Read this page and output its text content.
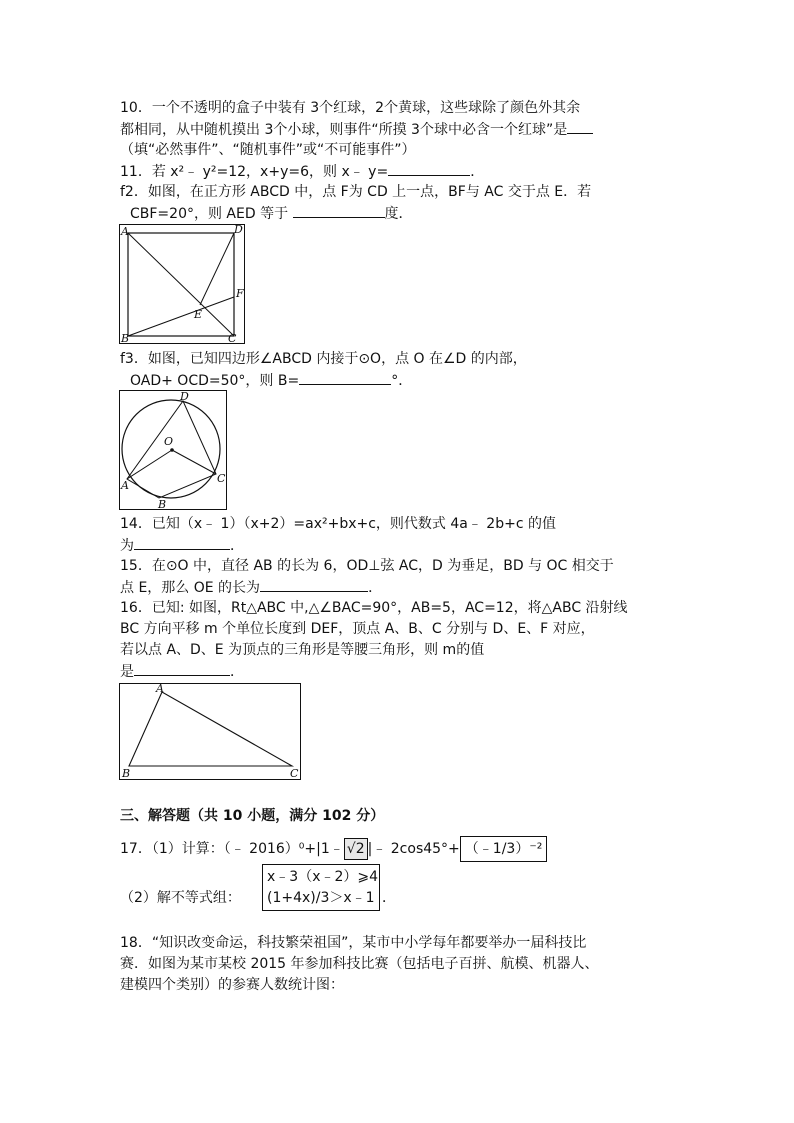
10．一个不透明的盒子中装有 3个红球，2个黄球，这些球除了颜色外其余
都相同，从中随机摸出 3个小球，则事件“所摸 3个球中必含一个红球”是
（填“必然事件”、“随机事件”或“不可能事件”）
11．若 x²﹣ y²=12，x+y=6，则 x﹣ y=	．
f2．如图，在正方形 ABCD 中，点 F为 CD 上一点，BF与 AC 交于点 E．若
CBF=20°，则 AED 等于	度．
A	D
F
E
B	C
f3．如图，已知四边形∠ABCD 内接于⊙O，点 O 在∠D 的内部，
OAD+ OCD=50°，则 B=	°．
D
O
A
B
C
14．已知（x﹣ 1）（x+2）=ax²+bx+c，则代数式 4a﹣ 2b+c 的值
为	．
15．在⊙O 中，直径 AB 的长为 6，OD⊥弦 AC，D 为垂足，BD 与 OC 相交于
点 E，那么 OE 的长为	．
16．已知: 如图，Rt△ABC 中,△∠BAC=90°，AB=5，AC=12，将△ABC 沿射线
BC 方向平移 m 个单位长度到 DEF，顶点 A、B、C 分别与 D、E、F 对应，
若以点 A、D、E 为顶点的三角形是等腰三角形，则 m的值
是	．
A
B	C
三、解答题（共 10 小题，满分 102 分）
17．（1）计算：（﹣ 2016）⁰+|1﹣ √2 |﹣ 2cos45°+ （﹣1/3）⁻²
（2）解不等式组：
x﹣3（x﹣2）⩾4
(1+4x)/3＞x﹣1 ．
18．“知识改变命运，科技繁荣祖国”，某市中小学每年都要举办一届科技比
赛．如图为某市某校 2015 年参加科技比赛（包括电子百拼、航模、机器人、
建模四个类别）的参赛人数统计图：
